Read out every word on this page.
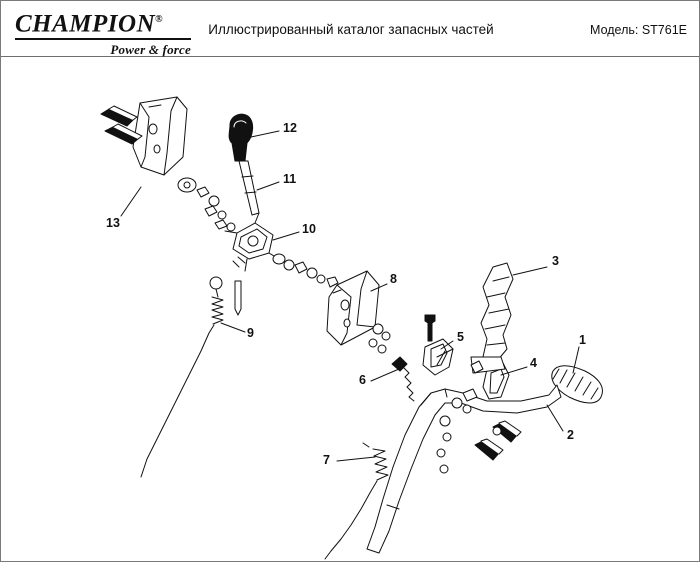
CHAMPION®
Power & force
Иллюстрированный каталог запасных частей	Модель: ST761E
1
2
3
4
5
6
7
8
9
10
11
12
13
